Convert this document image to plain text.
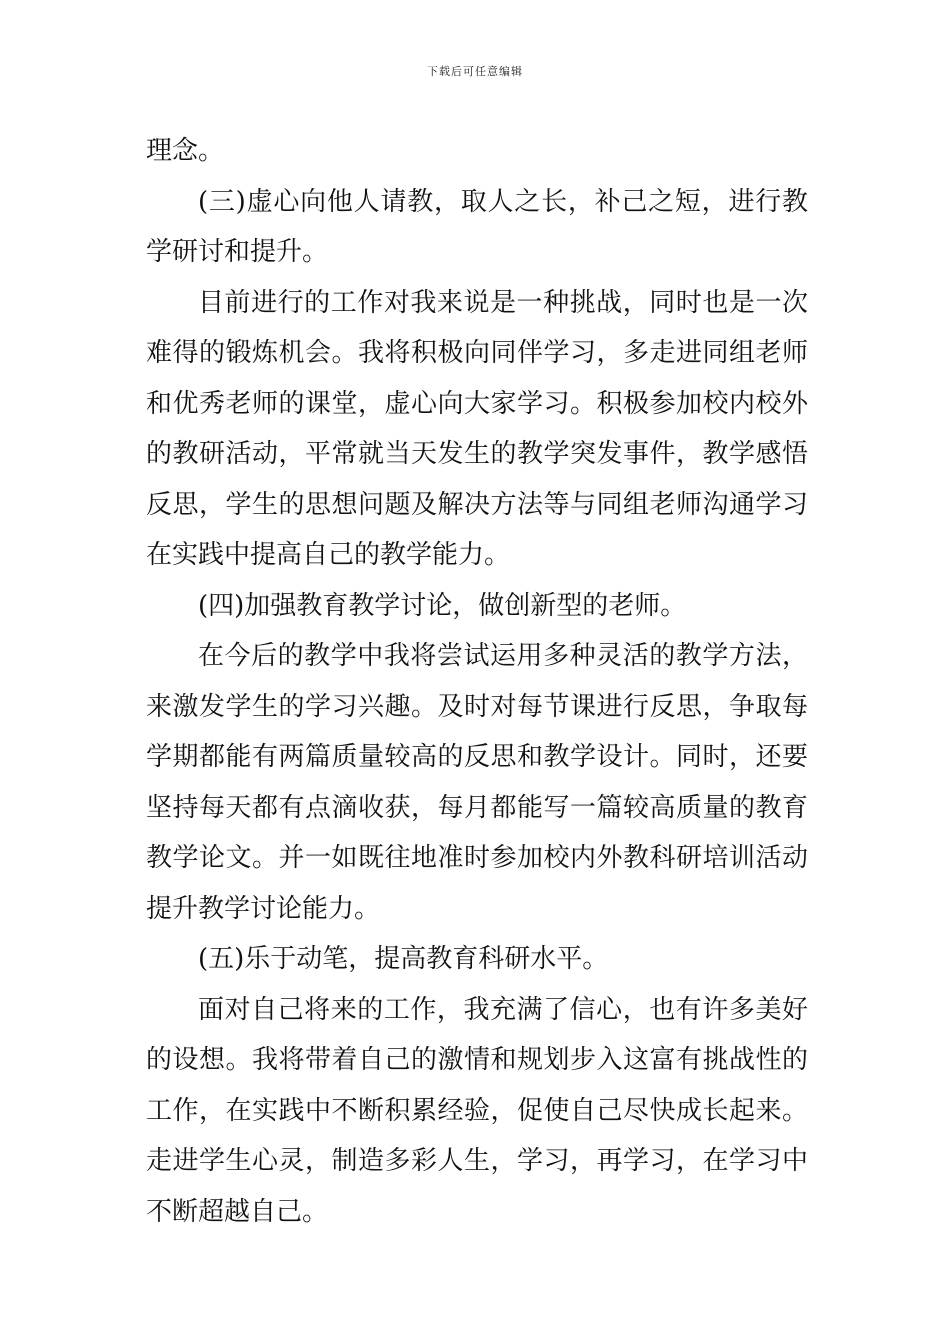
下载后可任意编辑
理念。
(三)虚心向他人请教，取人之长，补己之短，进行教
学研讨和提升。
目前进行的工作对我来说是一种挑战，同时也是一次
难得的锻炼机会。我将积极向同伴学习，多走进同组老师
和优秀老师的课堂，虚心向大家学习。积极参加校内校外
的教研活动，平常就当天发生的教学突发事件，教学感悟
反思，学生的思想问题及解决方法等与同组老师沟通学习
在实践中提高自己的教学能力。
(四)加强教育教学讨论，做创新型的老师。
在今后的教学中我将尝试运用多种灵活的教学方法，
来激发学生的学习兴趣。及时对每节课进行反思，争取每
学期都能有两篇质量较高的反思和教学设计。同时，还要
坚持每天都有点滴收获，每月都能写一篇较高质量的教育
教学论文。并一如既往地准时参加校内外教科研培训活动
提升教学讨论能力。
(五)乐于动笔，提高教育科研水平。
面对自己将来的工作，我充满了信心，也有许多美好
的设想。我将带着自己的激情和规划步入这富有挑战性的
工作，在实践中不断积累经验，促使自己尽快成长起来。
走进学生心灵，制造多彩人生，学习，再学习，在学习中
不断超越自己。
